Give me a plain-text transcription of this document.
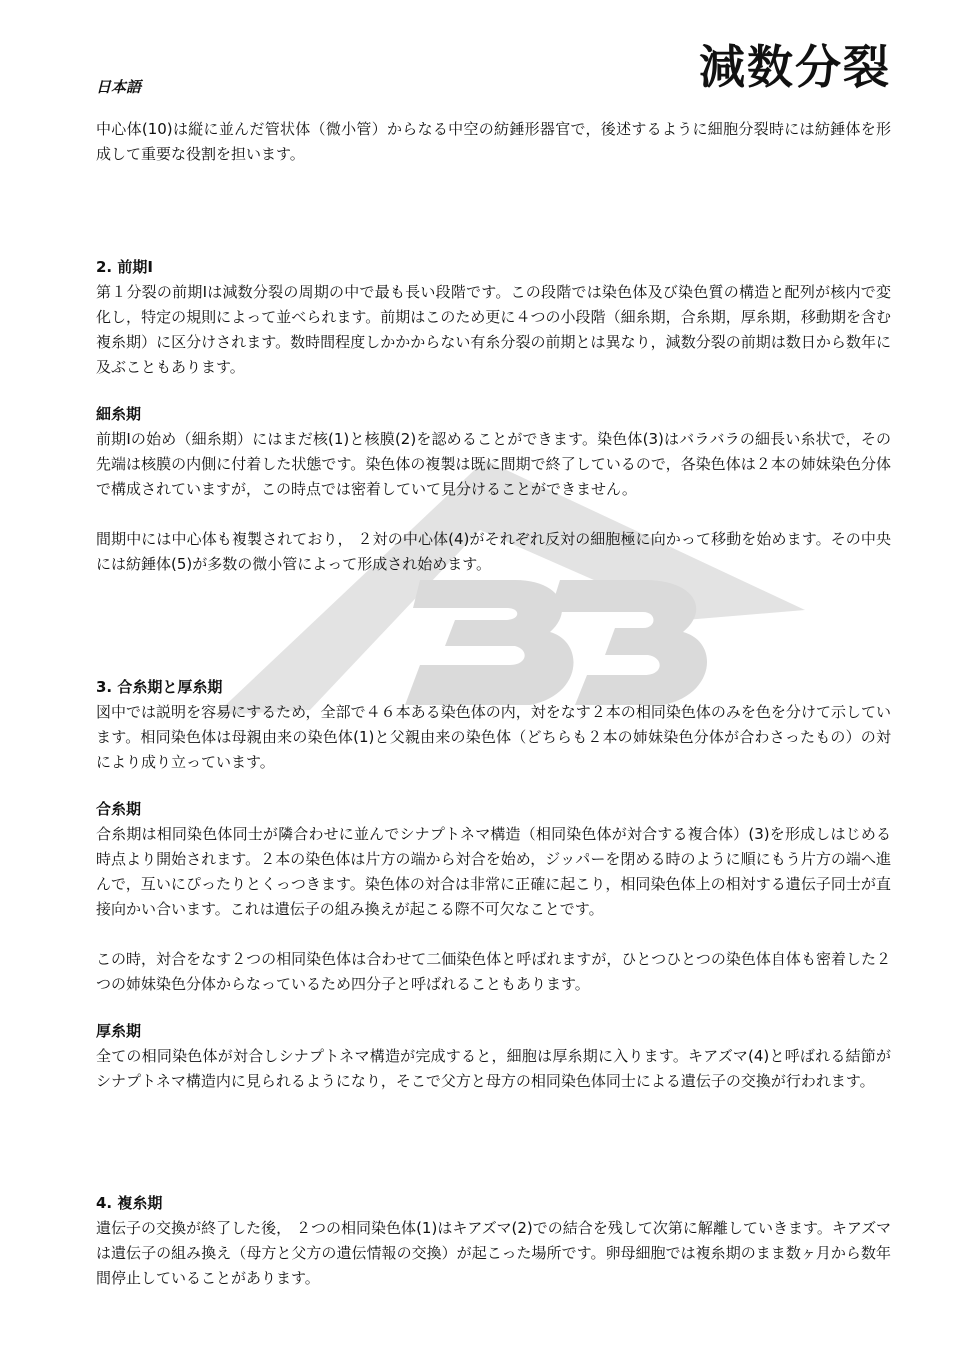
日本語	減数分裂

中心体(10)は縦に並んだ管状体（微小管）からなる中空の紡錘形器官で，後述するように細胞分裂時には紡錘体を形成して重要な役割を担います。

2. 前期Ⅰ

第１分裂の前期Ⅰは減数分裂の周期の中で最も長い段階です。この段階では染色体及び染色質の構造と配列が核内で変化し，特定の規則によって並べられます。前期はこのため更に４つの小段階（細糸期，合糸期，厚糸期，移動期を含む複糸期）に区分けされます。数時間程度しかかからない有糸分裂の前期とは異なり，減数分裂の前期は数日から数年に及ぶこともあります。

細糸期

前期Ⅰの始め（細糸期）にはまだ核(1)と核膜(2)を認めることができます。染色体(3)はバラバラの細長い糸状で，その先端は核膜の内側に付着した状態です。染色体の複製は既に間期で終了しているので，各染色体は２本の姉妹染色分体で構成されていますが，この時点では密着していて見分けることができません。

間期中には中心体も複製されており， ２対の中心体(4)がそれぞれ反対の細胞極に向かって移動を始めます。その中央には紡錘体(5)が多数の微小管によって形成され始めます。

3. 合糸期と厚糸期

図中では説明を容易にするため，全部で４６本ある染色体の内，対をなす２本の相同染色体のみを色を分けて示しています。相同染色体は母親由来の染色体(1)と父親由来の染色体（どちらも２本の姉妹染色分体が合わさったもの）の対により成り立っています。

合糸期

合糸期は相同染色体同士が隣合わせに並んでシナプトネマ構造（相同染色体が対合する複合体）(3)を形成しはじめる時点より開始されます。２本の染色体は片方の端から対合を始め，ジッパーを閉める時のように順にもう片方の端へ進んで，互いにぴったりとくっつきます。染色体の対合は非常に正確に起こり，相同染色体上の相対する遺伝子同士が直接向かい合います。これは遺伝子の組み換えが起こる際不可欠なことです。

この時，対合をなす２つの相同染色体は合わせて二価染色体と呼ばれますが，ひとつひとつの染色体自体も密着した２つの姉妹染色分体からなっているため四分子と呼ばれることもあります。

厚糸期

全ての相同染色体が対合しシナプトネマ構造が完成すると，細胞は厚糸期に入ります。キアズマ(4)と呼ばれる結節がシナプトネマ構造内に見られるようになり，そこで父方と母方の相同染色体同士による遺伝子の交換が行われます。

4. 複糸期

遺伝子の交換が終了した後， ２つの相同染色体(1)はキアズマ(2)での結合を残して次第に解離していきます。キアズマは遺伝子の組み換え（母方と父方の遺伝情報の交換）が起こった場所です。卵母細胞では複糸期のまま数ヶ月から数年間停止していることがあります。
